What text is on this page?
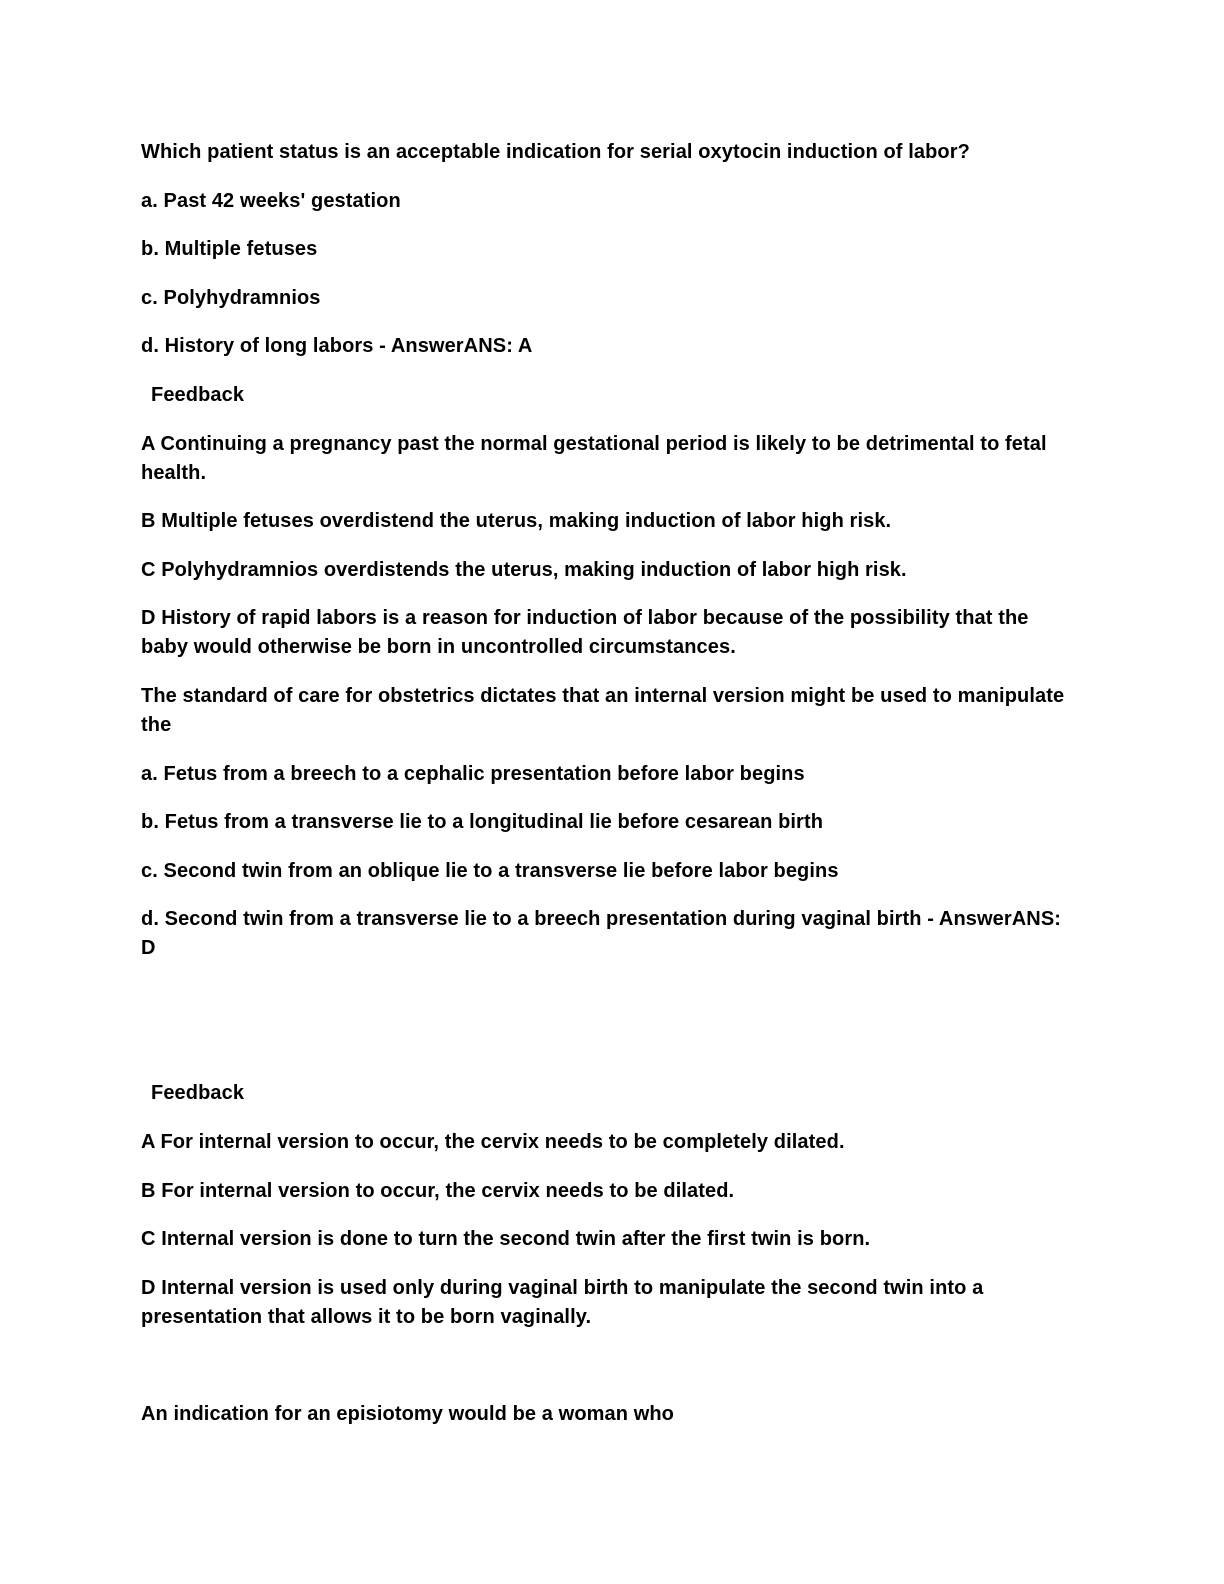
Which patient status is an acceptable indication for serial oxytocin induction of labor?

a. Past 42 weeks' gestation

b. Multiple fetuses

c. Polyhydramnios

d. History of long labors - AnswerANS: A

Feedback

A Continuing a pregnancy past the normal gestational period is likely to be detrimental to fetal health.

B Multiple fetuses overdistend the uterus, making induction of labor high risk.

C Polyhydramnios overdistends the uterus, making induction of labor high risk.

D History of rapid labors is a reason for induction of labor because of the possibility that the baby would otherwise be born in uncontrolled circumstances.

The standard of care for obstetrics dictates that an internal version might be used to manipulate the

a. Fetus from a breech to a cephalic presentation before labor begins

b. Fetus from a transverse lie to a longitudinal lie before cesarean birth

c. Second twin from an oblique lie to a transverse lie before labor begins

d. Second twin from a transverse lie to a breech presentation during vaginal birth - AnswerANS: D

Feedback

A For internal version to occur, the cervix needs to be completely dilated.

B For internal version to occur, the cervix needs to be dilated.

C Internal version is done to turn the second twin after the first twin is born.

D Internal version is used only during vaginal birth to manipulate the second twin into a presentation that allows it to be born vaginally.

An indication for an episiotomy would be a woman who
